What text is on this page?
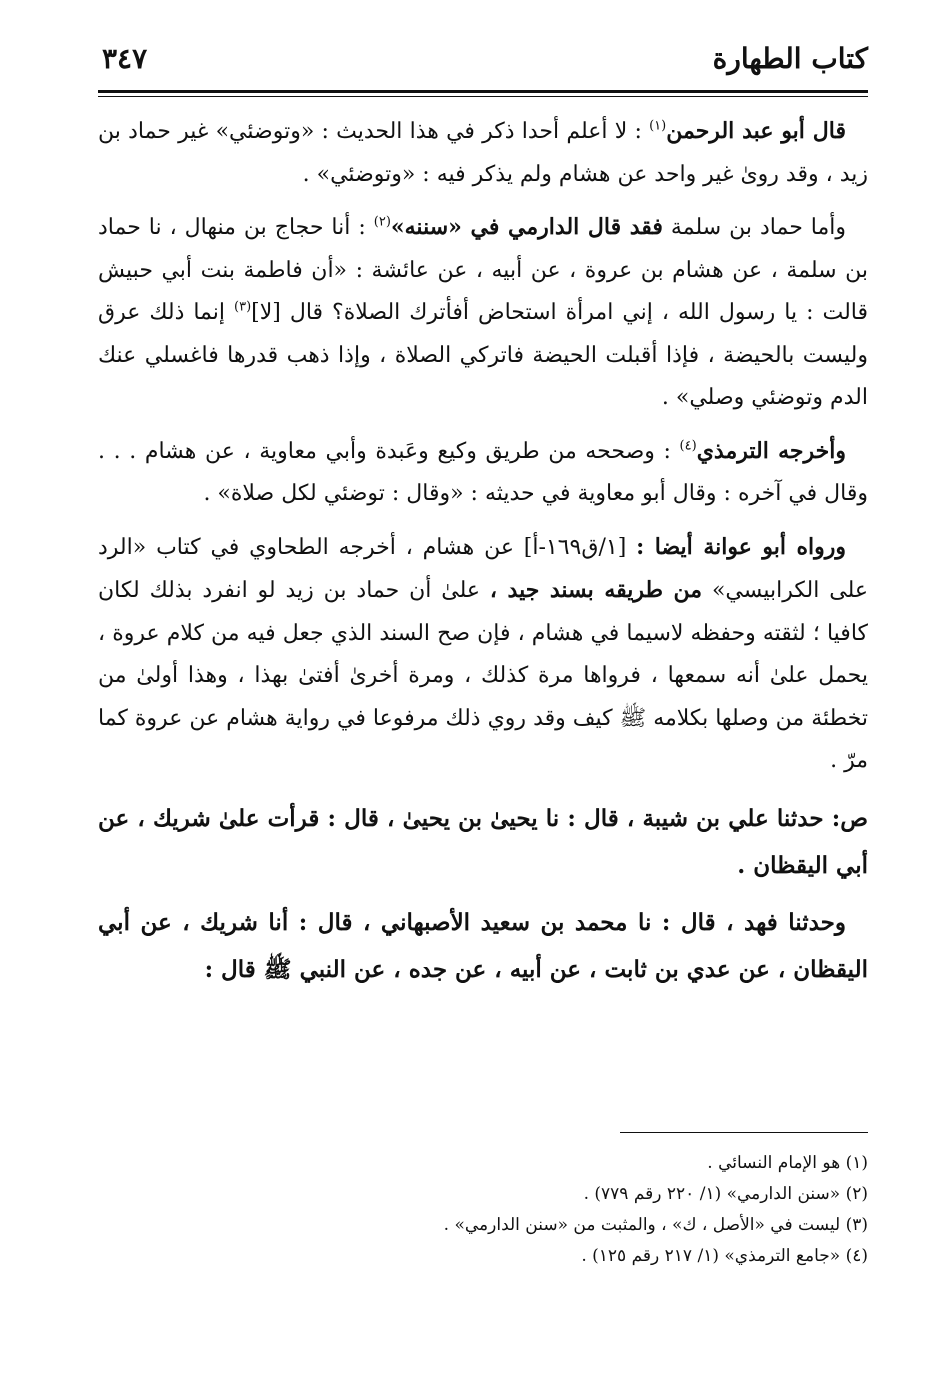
كتاب الطهارة
٣٤٧

قال أبو عبد الرحمن$^{(١)}$ : لا أعلم أحدا ذكر في هذا الحديث : «وتوضئي» غير حماد بن زيد ، وقد روىٰ غير واحد عن هشام ولم يذكر فيه : «وتوضئي» .

وأما حماد بن سلمة فقد قال الدارمي في «سننه»$^{(٢)}$ : أنا حجاج بن منهال ، نا حماد بن سلمة ، عن هشام بن عروة ، عن أبيه ، عن عائشة : «أن فاطمة بنت أبي حبيش قالت : يا رسول الله ، إني امرأة استحاض أفأترك الصلاة؟ قال [لا]$^{(٣)}$ إنما ذلك عرق وليست بالحيضة ، فإذا أقبلت الحيضة فاتركي الصلاة ، وإذا ذهب قدرها فاغسلي عنك الدم وتوضئي وصلي» .

وأخرجه الترمذي$^{(٤)}$ : وصححه من طريق وكيع وعَبدة وأبي معاوية ، عن هشام . . . وقال في آخره : وقال أبو معاوية في حديثه : «وقال : توضئي لكل صلاة» .

ورواه أبو عوانة أيضا : [١/ق١٦٩-أ] عن هشام ، أخرجه الطحاوي في كتاب «الرد على الكرابيسي» من طريقه بسند جيد ، علىٰ أن حماد بن زيد لو انفرد بذلك لكان كافيا ؛ لثقته وحفظه لاسيما في هشام ، فإن صح السند الذي جعل فيه من كلام عروة ، يحمل علىٰ أنه سمعها ، فرواها مرة كذلك ، ومرة أخرىٰ أفتىٰ بهذا ، وهذا أولىٰ من تخطئة من وصلها بكلامه ﷺ كيف وقد روي ذلك مرفوعا في رواية هشام عن عروة كما مرّ .

ص: حدثنا علي بن شيبة ، قال : نا يحيىٰ بن يحيىٰ ، قال : قرأت علىٰ شريك ، عن أبي اليقظان .

وحدثنا فهد ، قال : نا محمد بن سعيد الأصبهاني ، قال : أنا شريك ، عن أبي اليقظان ، عن عدي بن ثابت ، عن أبيه ، عن جده ، عن النبي ﷺ قال :

(١) هو الإمام النسائي .
(٢) «سنن الدارمي» (١/ ٢٢٠ رقم ٧٧٩) .
(٣) ليست في «الأصل ، ك» ، والمثبت من «سنن الدارمي» .
(٤) «جامع الترمذي» (١/ ٢١٧ رقم ١٢٥) .
